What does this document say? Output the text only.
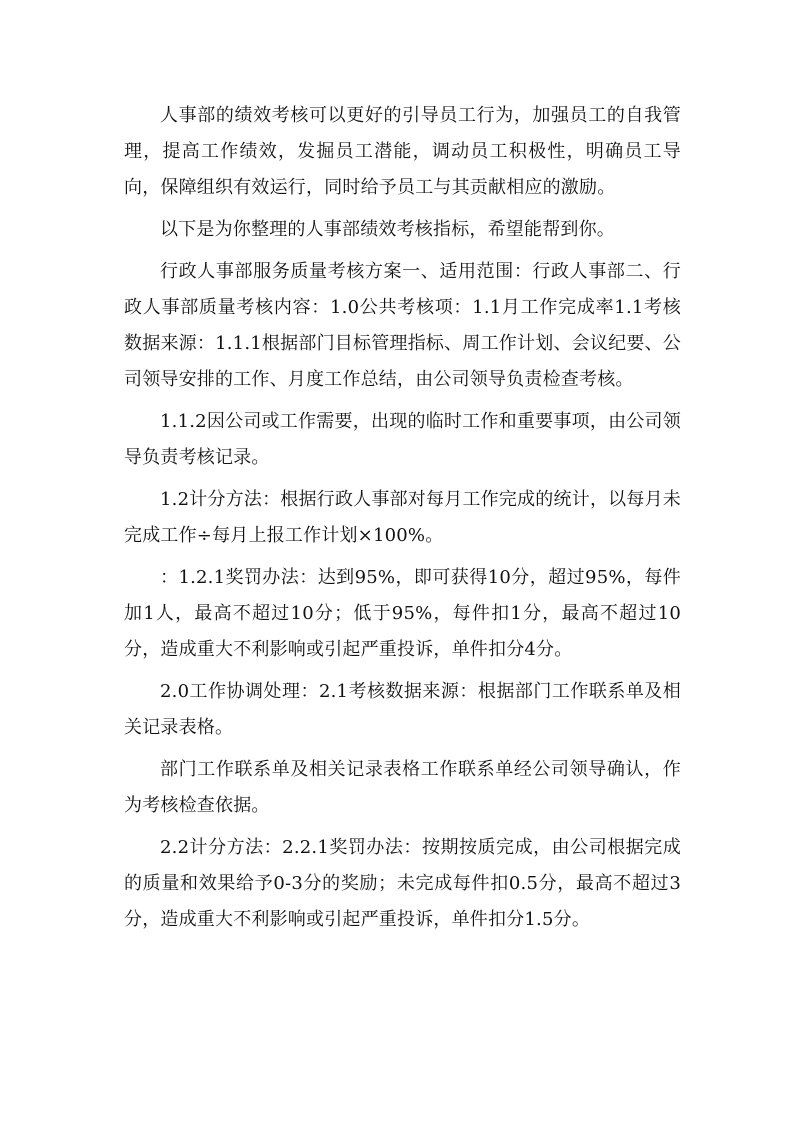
人事部的绩效考核可以更好的引导员工行为，加强员工的自我管理，提高工作绩效，发掘员工潜能，调动员工积极性，明确员工导向，保障组织有效运行，同时给予员工与其贡献相应的激励。

以下是为你整理的人事部绩效考核指标，希望能帮到你。

行政人事部服务质量考核方案一、适用范围：行政人事部二、行政人事部质量考核内容：1.0公共考核项：1.1月工作完成率1.1考核数据来源：1.1.1根据部门目标管理指标、周工作计划、会议纪要、公司领导安排的工作、月度工作总结，由公司领导负责检查考核。

1.1.2因公司或工作需要，出现的临时工作和重要事项，由公司领导负责考核记录。

1.2计分方法：根据行政人事部对每月工作完成的统计，以每月未完成工作÷每月上报工作计划×100%。

：1.2.1奖罚办法：达到95%，即可获得10分，超过95%，每件加1人，最高不超过10分；低于95%，每件扣1分，最高不超过10分，造成重大不利影响或引起严重投诉，单件扣分4分。

2.0工作协调处理：2.1考核数据来源：根据部门工作联系单及相关记录表格。

部门工作联系单及相关记录表格工作联系单经公司领导确认，作为考核检查依据。

2.2计分方法：2.2.1奖罚办法：按期按质完成，由公司根据完成的质量和效果给予0-3分的奖励；未完成每件扣0.5分，最高不超过3分，造成重大不利影响或引起严重投诉，单件扣分1.5分。
